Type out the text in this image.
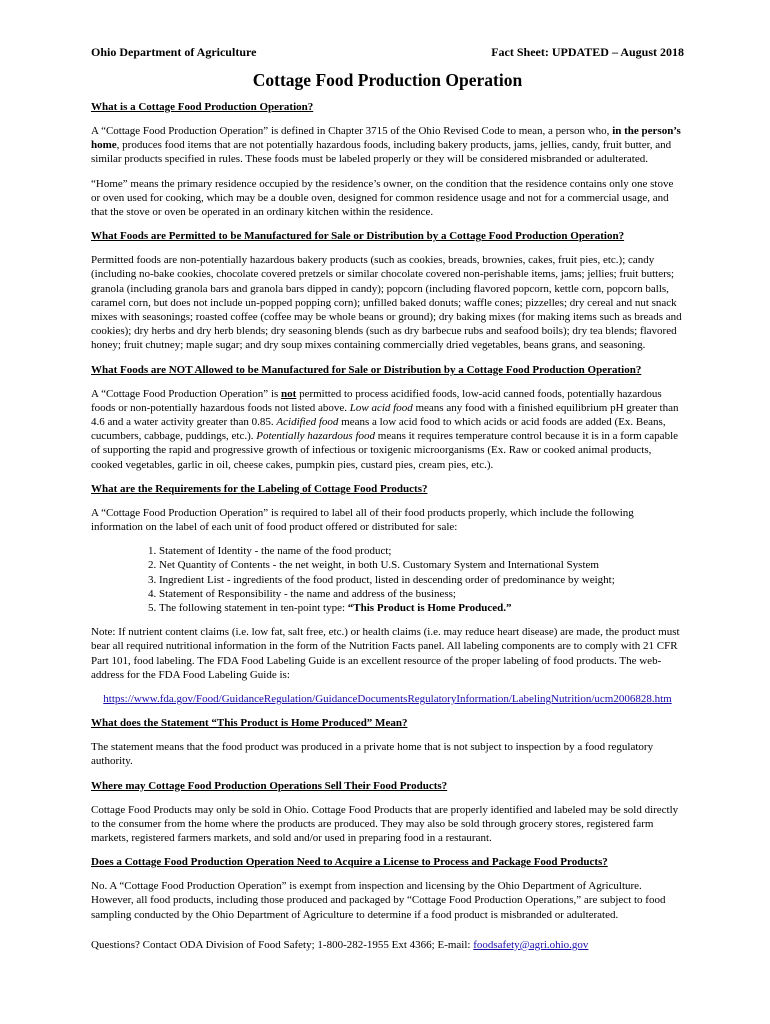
Ohio Department of Agriculture	Fact Sheet: UPDATED – August 2018
Cottage Food Production Operation
What is a Cottage Food Production Operation?

A “Cottage Food Production Operation” is defined in Chapter 3715 of the Ohio Revised Code to mean, a person who, in the person’s home, produces food items that are not potentially hazardous foods, including bakery products, jams, jellies, candy, fruit butter, and similar products specified in rules. These foods must be labeled properly or they will be considered misbranded or adulterated.

“Home” means the primary residence occupied by the residence’s owner, on the condition that the residence contains only one stove or oven used for cooking, which may be a double oven, designed for common residence usage and not for a commercial usage, and that the stove or oven be operated in an ordinary kitchen within the residence.

What Foods are Permitted to be Manufactured for Sale or Distribution by a Cottage Food Production Operation?

Permitted foods are non-potentially hazardous bakery products (such as cookies, breads, brownies, cakes, fruit pies, etc.); candy (including no-bake cookies, chocolate covered pretzels or similar chocolate covered non-perishable items, jams; jellies; fruit butters; granola (including granola bars and granola bars dipped in candy); popcorn (including flavored popcorn, kettle corn, popcorn balls, caramel corn, but does not include un-popped popping corn); unfilled baked donuts; waffle cones; pizzelles; dry cereal and nut snack mixes with seasonings; roasted coffee (coffee may be whole beans or ground); dry baking mixes (for making items such as breads and cookies); dry herbs and dry herb blends; dry seasoning blends (such as dry barbecue rubs and seafood boils); dry tea blends; flavored honey; fruit chutney; maple sugar; and dry soup mixes containing commercially dried vegetables, beans grans, and seasoning.

What Foods are NOT Allowed to be Manufactured for Sale or Distribution by a Cottage Food Production Operation?

A “Cottage Food Production Operation” is not permitted to process acidified foods, low-acid canned foods, potentially hazardous foods or non-potentially hazardous foods not listed above. Low acid food means any food with a finished equilibrium pH greater than 4.6 and a water activity greater than 0.85. Acidified food means a low acid food to which acids or acid foods are added (Ex. Beans, cucumbers, cabbage, puddings, etc.). Potentially hazardous food means it requires temperature control because it is in a form capable of supporting the rapid and progressive growth of infectious or toxigenic microorganisms (Ex. Raw or cooked animal products, cooked vegetables, garlic in oil, cheese cakes, pumpkin pies, custard pies, cream pies, etc.).

What are the Requirements for the Labeling of Cottage Food Products?

A “Cottage Food Production Operation” is required to label all of their food products properly, which include the following information on the label of each unit of food product offered or distributed for sale:

1. Statement of Identity - the name of the food product;
2. Net Quantity of Contents - the net weight, in both U.S. Customary System and International System
3. Ingredient List - ingredients of the food product, listed in descending order of predominance by weight;
4. Statement of Responsibility - the name and address of the business;
5. The following statement in ten-point type: “This Product is Home Produced.”

Note: If nutrient content claims (i.e. low fat, salt free, etc.) or health claims (i.e. may reduce heart disease) are made, the product must bear all required nutritional information in the form of the Nutrition Facts panel. All labeling components are to comply with 21 CFR Part 101, food labeling. The FDA Food Labeling Guide is an excellent resource of the proper labeling of food products. The web-address for the FDA Food Labeling Guide is:

https://www.fda.gov/Food/GuidanceRegulation/GuidanceDocumentsRegulatoryInformation/LabelingNutrition/ucm2006828.htm
What does the Statement “This Product is Home Produced” Mean?

The statement means that the food product was produced in a private home that is not subject to inspection by a food regulatory authority.

Where may Cottage Food Production Operations Sell Their Food Products?

Cottage Food Products may only be sold in Ohio. Cottage Food Products that are properly identified and labeled may be sold directly to the consumer from the home where the products are produced. They may also be sold through grocery stores, registered farm markets, registered farmers markets, and sold and/or used in preparing food in a restaurant.

Does a Cottage Food Production Operation Need to Acquire a License to Process and Package Food Products?

No. A “Cottage Food Production Operation” is exempt from inspection and licensing by the Ohio Department of Agriculture. However, all food products, including those produced and packaged by “Cottage Food Production Operations,” are subject to food sampling conducted by the Ohio Department of Agriculture to determine if a food product is misbranded or adulterated.

Questions? Contact ODA Division of Food Safety; 1-800-282-1955 Ext 4366; E-mail: foodsafety@agri.ohio.gov
